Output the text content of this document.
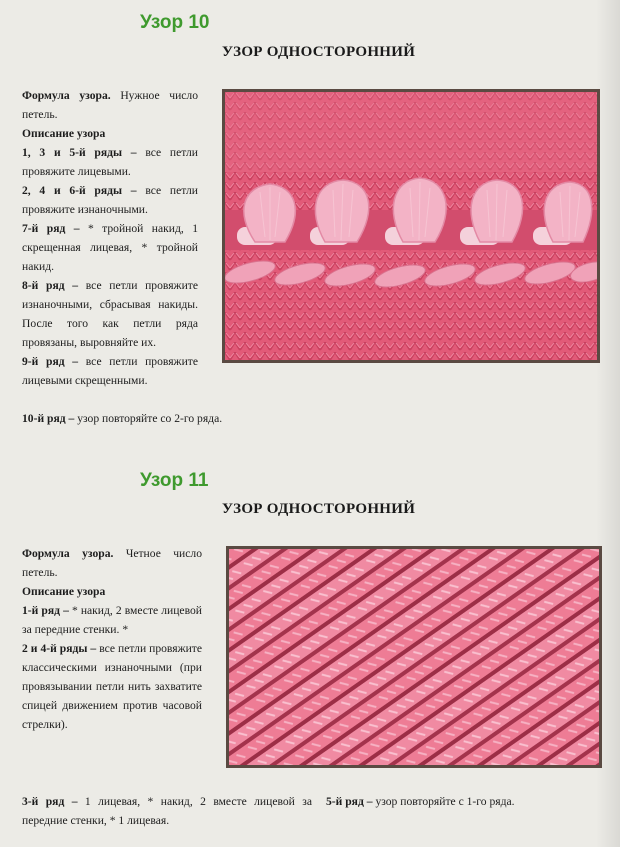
Узор 10
УЗОР ОДНОСТОРОННИЙ

Формула узора. Нужное число петель.

Описание узора

1, 3 и 5-й ряды – все петли провяжите лицевыми.

2, 4 и 6-й ряды – все петли провяжите изнаночными.

7-й ряд – * тройной накид, 1 скрещенная лицевая, * тройной накид.

8-й ряд – все петли провяжите изнаночными, сбрасывая накиды. После того как петли ряда провязаны, выровняйте их.

9-й ряд – все петли провяжите лицевыми скрещенными.

10-й ряд – узор повторяйте со 2-го ряда.

Узор 11
УЗОР ОДНОСТОРОННИЙ

Формула узора. Четное число петель.

Описание узора

1-й ряд – * накид, 2 вместе лицевой за передние стенки. *

2 и 4-й ряды – все петли провяжите классическими изнаночными (при провязывании петли нить захватите спицей движением против часовой стрелки).

3-й ряд – 1 лицевая, * накид, 2 вместе лицевой за передние стенки, * 1 лицевая.

5-й ряд – узор повторяйте с 1-го ряда.
